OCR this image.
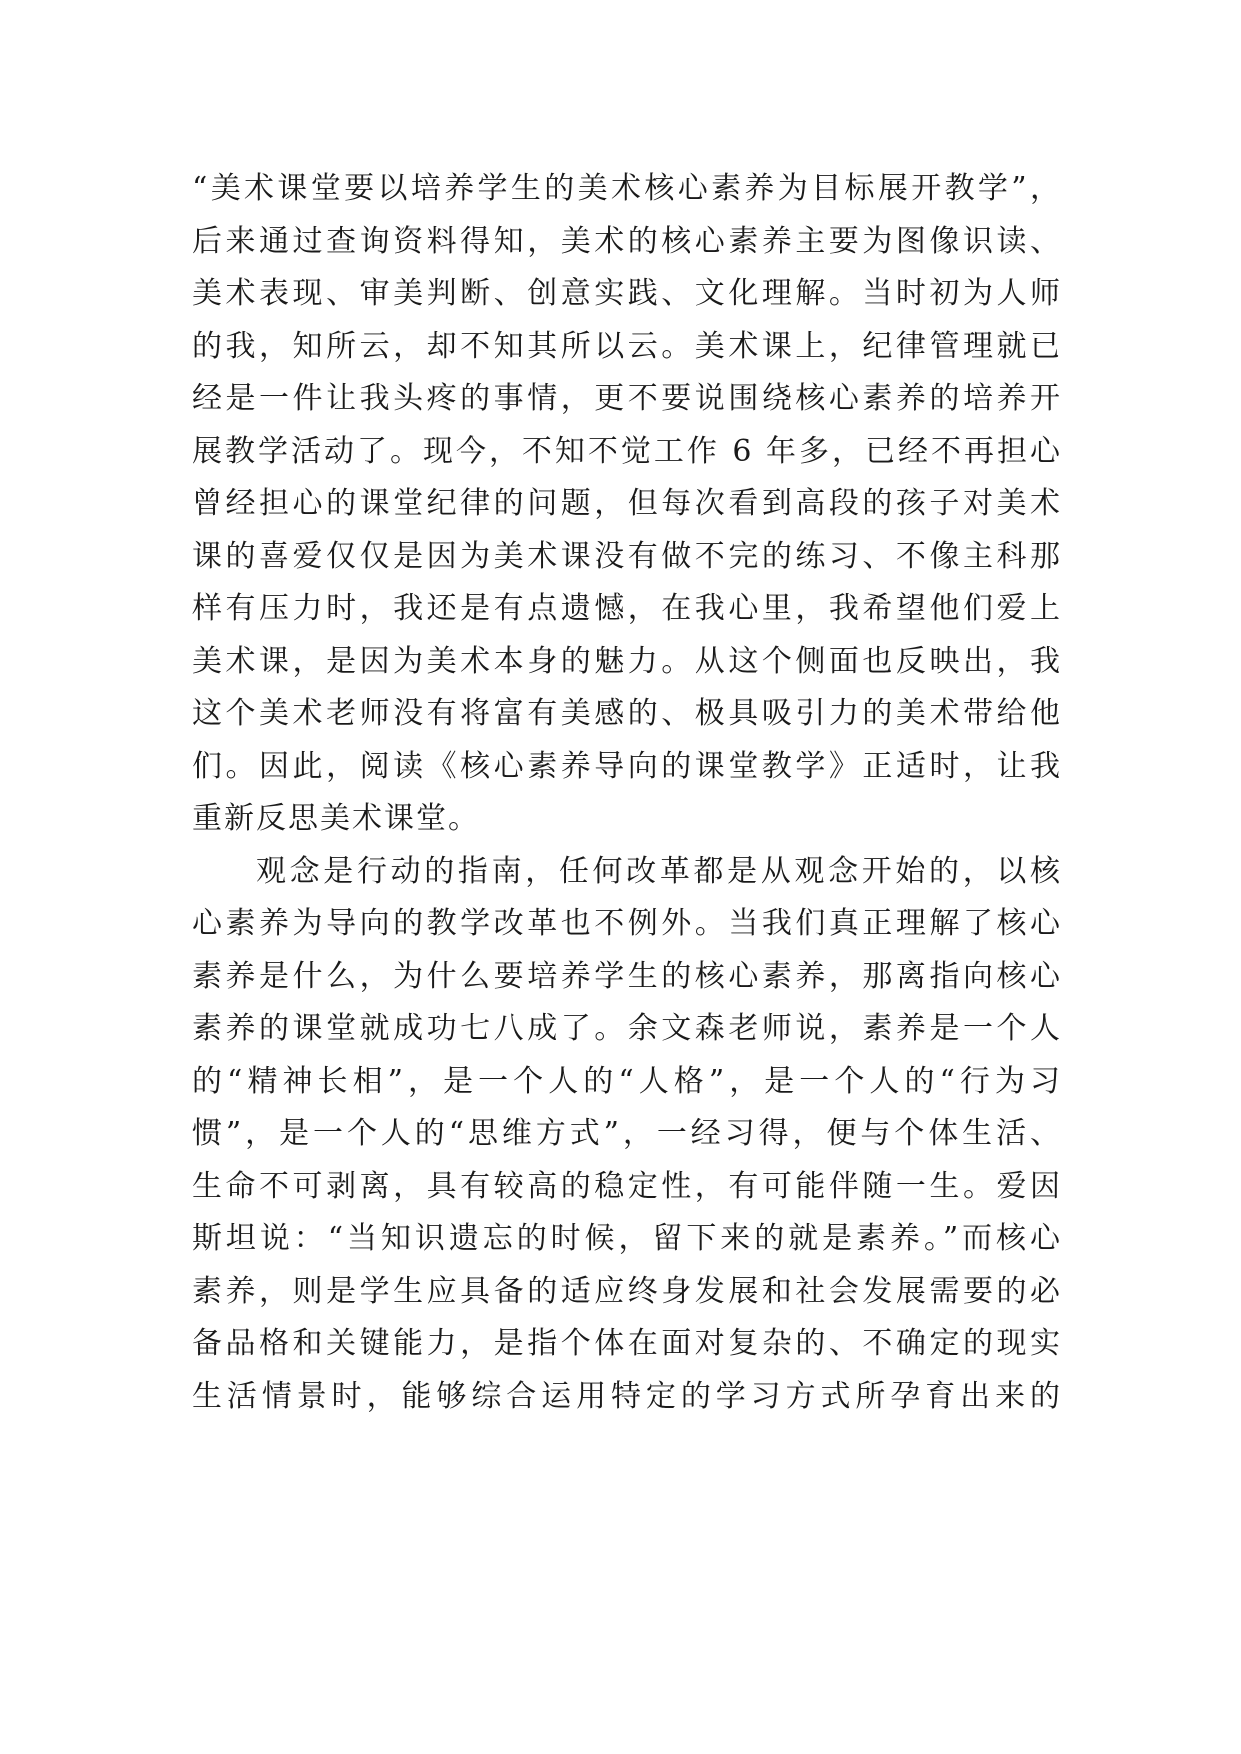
“美术课堂要以培养学生的美术核心素养为目标展开教学”，
后来通过查询资料得知，美术的核心素养主要为图像识读、
美术表现、审美判断、创意实践、文化理解。当时初为人师
的我，知所云，却不知其所以云。美术课上，纪律管理就已
经是一件让我头疼的事情，更不要说围绕核心素养的培养开
展教学活动了。现今，不知不觉工作 6 年多，已经不再担心
曾经担心的课堂纪律的问题，但每次看到高段的孩子对美术
课的喜爱仅仅是因为美术课没有做不完的练习、不像主科那
样有压力时，我还是有点遗憾，在我心里，我希望他们爱上
美术课，是因为美术本身的魅力。从这个侧面也反映出，我
这个美术老师没有将富有美感的、极具吸引力的美术带给他
们。因此，阅读《核心素养导向的课堂教学》正适时，让我
重新反思美术课堂。
观念是行动的指南，任何改革都是从观念开始的，以核
心素养为导向的教学改革也不例外。当我们真正理解了核心
素养是什么，为什么要培养学生的核心素养，那离指向核心
素养的课堂就成功七八成了。余文森老师说，素养是一个人
的“精神长相”，是一个人的“人格”，是一个人的“行为习
惯”，是一个人的“思维方式”，一经习得，便与个体生活、
生命不可剥离，具有较高的稳定性，有可能伴随一生。爱因
斯坦说：“当知识遗忘的时候，留下来的就是素养。”而核心
素养，则是学生应具备的适应终身发展和社会发展需要的必
备品格和关键能力，是指个体在面对复杂的、不确定的现实
生活情景时，能够综合运用特定的学习方式所孕育出来的
